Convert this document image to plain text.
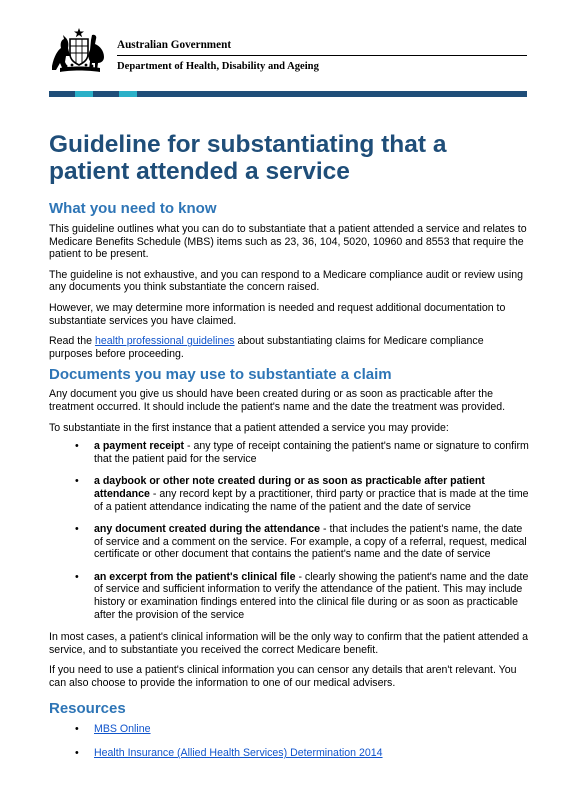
Australian Government
Department of Health, Disability and Ageing
Guideline for substantiating that a patient attended a service
What you need to know

This guideline outlines what you can do to substantiate that a patient attended a service and relates to Medicare Benefits Schedule (MBS) items such as 23, 36, 104, 5020, 10960 and 8553 that require the patient to be present.

The guideline is not exhaustive, and you can respond to a Medicare compliance audit or review using any documents you think substantiate the concern raised.

However, we may determine more information is needed and request additional documentation to substantiate services you have claimed.

Read the health professional guidelines about substantiating claims for Medicare compliance purposes before proceeding.

Documents you may use to substantiate a claim

Any document you give us should have been created during or as soon as practicable after the treatment occurred. It should include the patient's name and the date the treatment was provided.

To substantiate in the first instance that a patient attended a service you may provide:

• a payment receipt - any type of receipt containing the patient's name or signature to confirm that the patient paid for the service
• a daybook or other note created during or as soon as practicable after patient attendance - any record kept by a practitioner, third party or practice that is made at the time of a patient attendance indicating the name of the patient and the date of service
• any document created during the attendance - that includes the patient's name, the date of service and a comment on the service. For example, a copy of a referral, request, medical certificate or other document that contains the patient's name and the date of service
• an excerpt from the patient's clinical file - clearly showing the patient's name and the date of service and sufficient information to verify the attendance of the patient. This may include history or examination findings entered into the clinical file during or as soon as practicable after the provision of the service

In most cases, a patient's clinical information will be the only way to confirm that the patient attended a service, and to substantiate you received the correct Medicare benefit.

If you need to use a patient's clinical information you can censor any details that aren't relevant. You can also choose to provide the information to one of our medical advisers.

Resources
• MBS Online
• Health Insurance (Allied Health Services) Determination 2014
